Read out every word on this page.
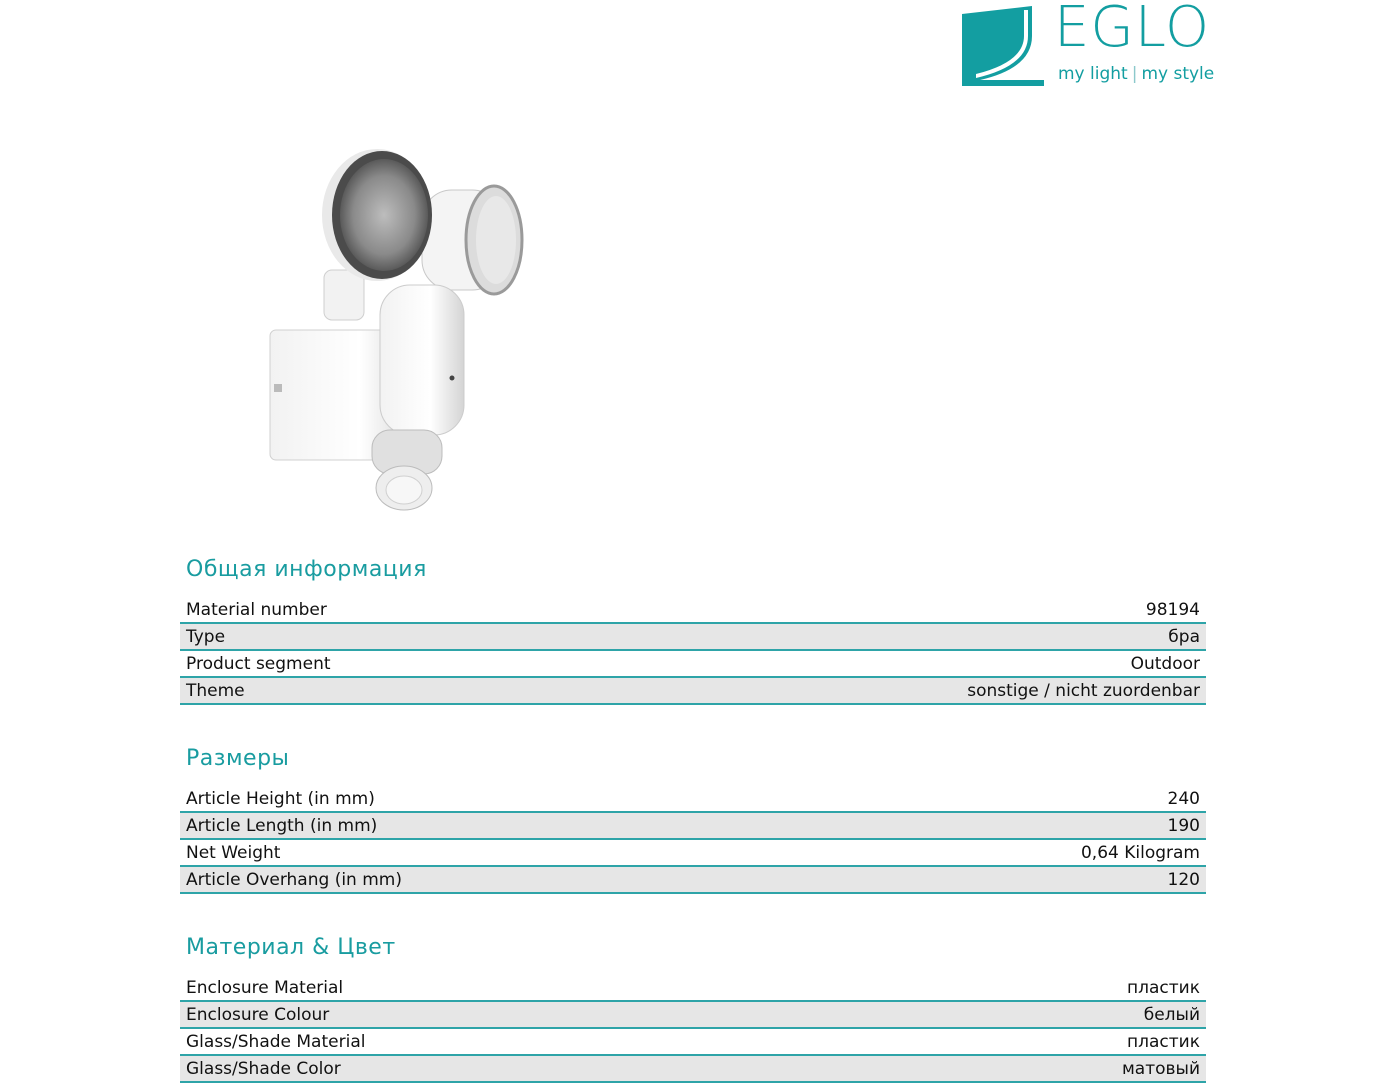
EGLO
my light | my style
Общая информация
Material number	98194
Type	бра
Product segment	Outdoor
Theme	sonstige / nicht zuordenbar
Размеры
Article Height (in mm)	240
Article Length (in mm)	190
Net Weight	0,64 Kilogram
Article Overhang (in mm)	120
Материал & Цвет
Enclosure Material	пластик
Enclosure Colour	белый
Glass/Shade Material	пластик
Glass/Shade Color	матовый
